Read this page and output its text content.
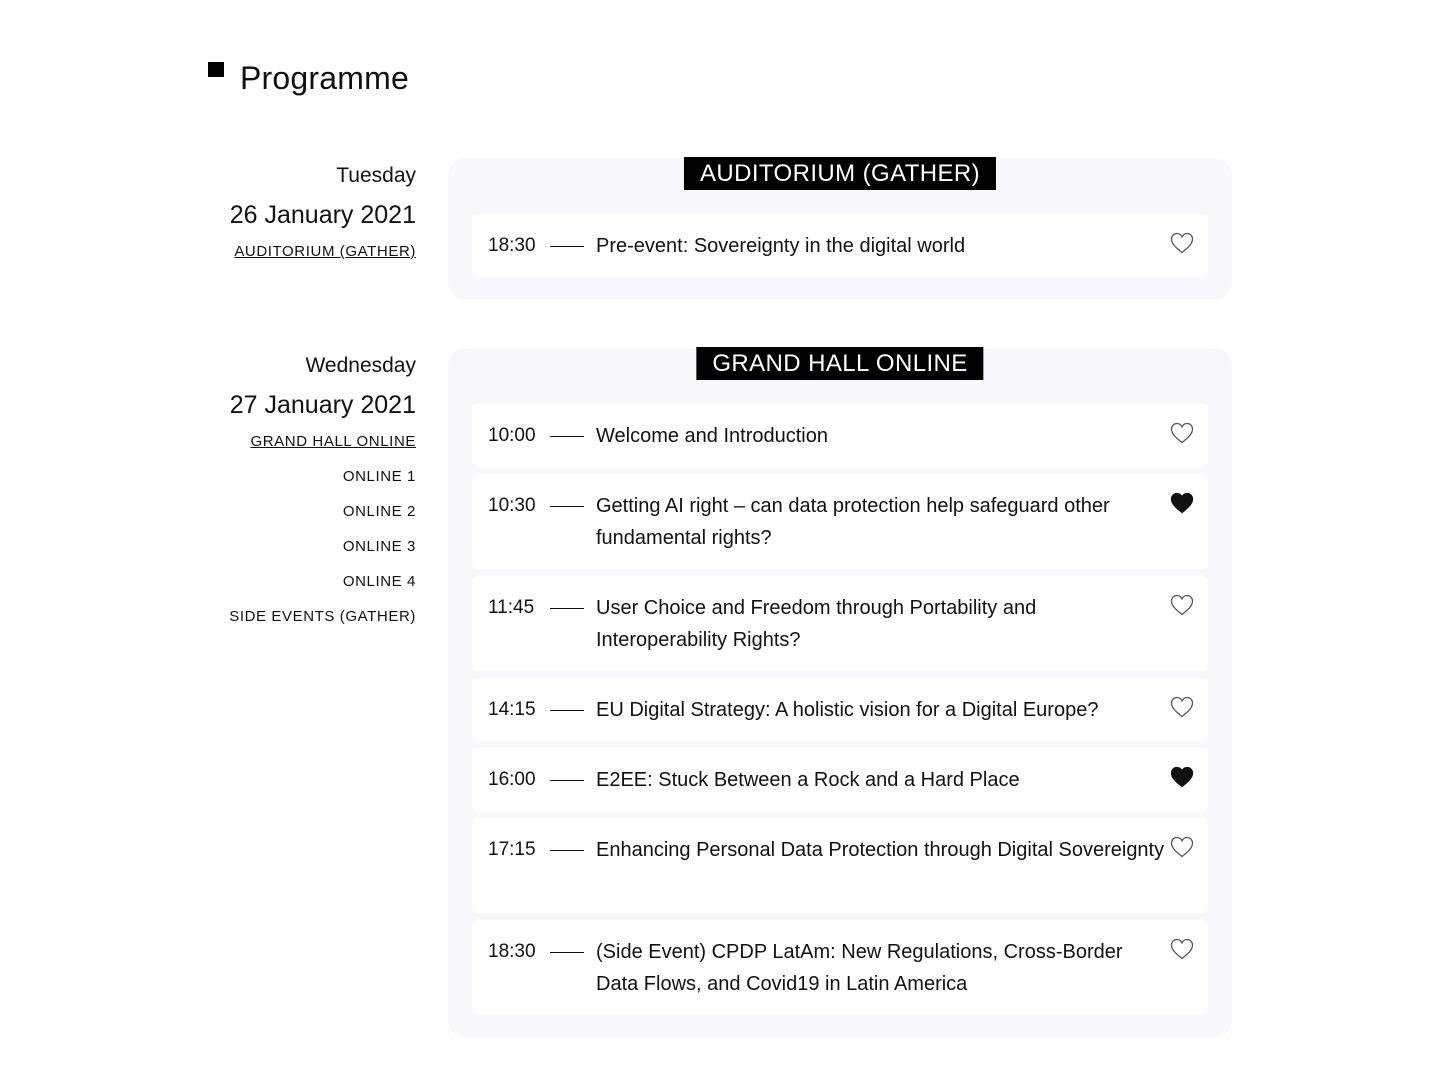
Programme
Tuesday
26 January 2021
AUDITORIUM (GATHER)
AUDITORIUM (GATHER)
18:30	Pre-event: Sovereignty in the digital world
Wednesday
27 January 2021
GRAND HALL ONLINE
ONLINE 1
ONLINE 2
ONLINE 3
ONLINE 4
SIDE EVENTS (GATHER)
GRAND HALL ONLINE
10:00	Welcome and Introduction
10:30	Getting AI right – can data protection help safeguard other fundamental rights?
11:45	User Choice and Freedom through Portability and Interoperability Rights?
14:15	EU Digital Strategy: A holistic vision for a Digital Europe?
16:00	E2EE: Stuck Between a Rock and a Hard Place
17:15	Enhancing Personal Data Protection through Digital Sovereignty
18:30	(Side Event) CPDP LatAm: New Regulations, Cross-Border Data Flows, and Covid19 in Latin America
